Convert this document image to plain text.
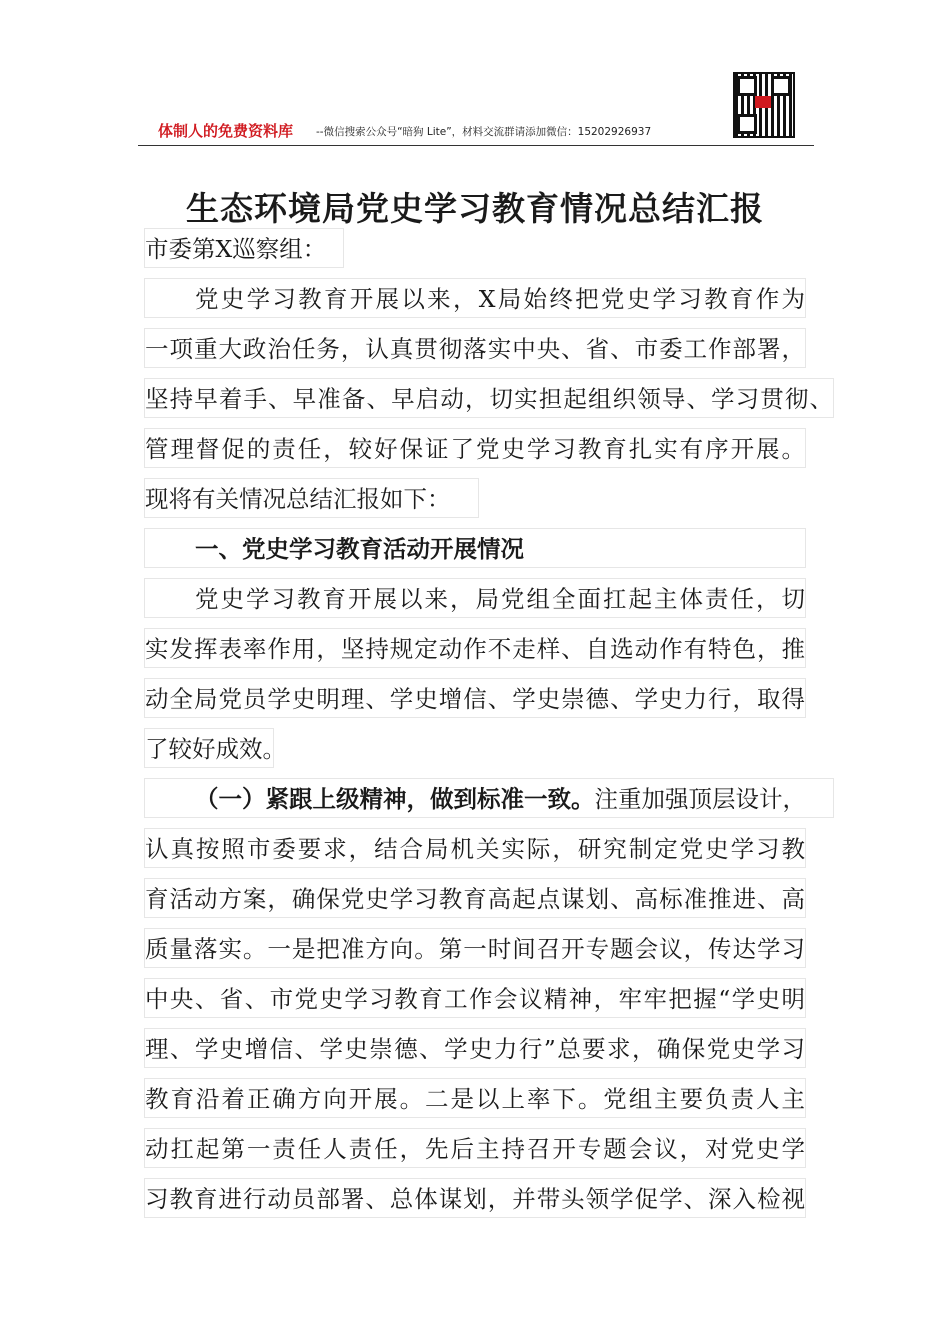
体制人的免费资料库 --微信搜索公众号“暗狗 Lite”，材料交流群请添加微信：15202926937
生态环境局党史学习教育情况总结汇报
市委第X巡察组：
党史学习教育开展以来，X局始终把党史学习教育作为
一项重大政治任务，认真贯彻落实中央、省、市委工作部署，
坚持早着手、早准备、早启动，切实担起组织领导、学习贯彻、
管理督促的责任，较好保证了党史学习教育扎实有序开展。
现将有关情况总结汇报如下：
一、党史学习教育活动开展情况
党史学习教育开展以来，局党组全面扛起主体责任，切
实发挥表率作用，坚持规定动作不走样、自选动作有特色，推
动全局党员学史明理、学史增信、学史崇德、学史力行，取得
了较好成效。
（一）紧跟上级精神，做到标准一致。注重加强顶层设计，
认真按照市委要求，结合局机关实际，研究制定党史学习教
育活动方案，确保党史学习教育高起点谋划、高标准推进、高
质量落实。一是把准方向。第一时间召开专题会议，传达学习
中央、省、市党史学习教育工作会议精神，牢牢把握“学史明
理、学史增信、学史崇德、学史力行”总要求，确保党史学习
教育沿着正确方向开展。二是以上率下。党组主要负责人主
动扛起第一责任人责任，先后主持召开专题会议，对党史学
习教育进行动员部署、总体谋划，并带头领学促学、深入检视
